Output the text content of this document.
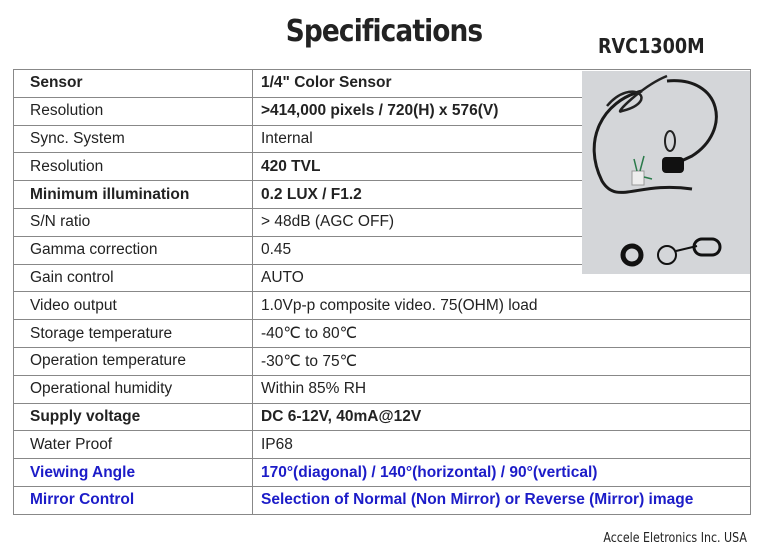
Specifications	RVC1300M
Sensor	1/4" Color Sensor
Resolution	>414,000 pixels / 720(H) x 576(V)
Sync. System	Internal
Resolution	420 TVL
Minimum illumination	0.2 LUX / F1.2
S/N ratio	> 48dB (AGC OFF)
Gamma correction	0.45
Gain control	AUTO
Video output	1.0Vp-p composite video. 75(OHM) load
Storage temperature	-40℃ to 80℃
Operation temperature	-30℃ to 75℃
Operational humidity	Within 85% RH
Supply voltage	DC 6-12V, 40mA@12V
Water Proof	IP68
Viewing Angle	170°(diagonal) / 140°(horizontal) / 90°(vertical)
Mirror Control	Selection of Normal (Non Mirror) or Reverse (Mirror) image
Accele Eletronics Inc. USA
